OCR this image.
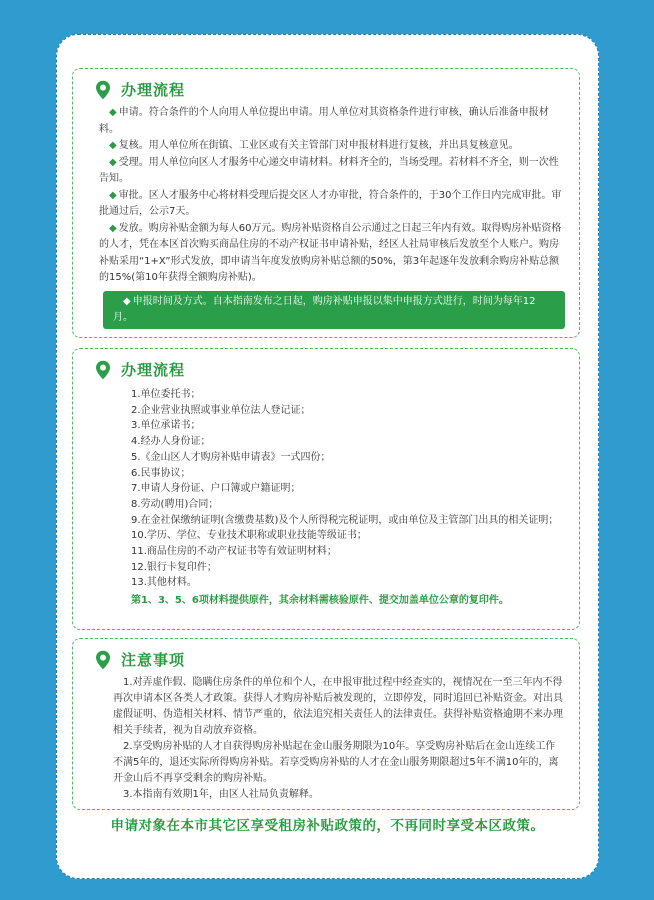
办理流程

◆ 申请。符合条件的个人向用人单位提出申请。用人单位对其资格条件进行审核，确认后准备申报材料。

◆ 复核。用人单位所在街镇、工业区或有关主管部门对申报材料进行复核，并出具复核意见。

◆ 受理。用人单位向区人才服务中心递交申请材料。材料齐全的，当场受理。若材料不齐全，则一次性告知。

◆ 审批。区人才服务中心将材料受理后提交区人才办审批，符合条件的，于30个工作日内完成审批。审批通过后，公示7天。

◆ 发放。购房补贴金额为每人60万元。购房补贴资格自公示通过之日起三年内有效。取得购房补贴资格的人才，凭在本区首次购买商品住房的不动产权证书申请补贴，经区人社局审核后发放至个人账户。购房补贴采用“1+X”形式发放，即申请当年度发放购房补贴总额的50%，第3年起逐年发放剩余购房补贴总额的15%(第10年获得全额购房补贴)。

◆ 申报时间及方式。自本指南发布之日起，购房补贴申报以集中申报方式进行，时间为每年12月。
办理流程

1.单位委托书；

2.企业营业执照或事业单位法人登记证；

3.单位承诺书；

4.经办人身份证；

5.《金山区人才购房补贴申请表》一式四份；

6.民事协议；

7.申请人身份证、户口簿或户籍证明；

8.劳动(聘用)合同；

9.在金社保缴纳证明(含缴费基数)及个人所得税完税证明，或由单位及主管部门出具的相关证明；

10.学历、学位、专业技术职称或职业技能等级证书；

11.商品住房的不动产权证书等有效证明材料；

12.银行卡复印件；

13.其他材料。

第1、3、5、6项材料提供原件，其余材料需核验原件、提交加盖单位公章的复印件。

注意事项

1.对弄虚作假、隐瞒住房条件的单位和个人，在申报审批过程中经查实的，视情况在一至三年内不得再次申请本区各类人才政策。获得人才购房补贴后被发现的，立即停发，同时追回已补贴资金。对出具虚假证明、伪造相关材料、情节严重的，依法追究相关责任人的法律责任。获得补贴资格逾期不来办理相关手续者，视为自动放弃资格。

2.享受购房补贴的人才自获得购房补贴起在金山服务期限为10年。享受购房补贴后在金山连续工作不满5年的，退还实际所得购房补贴。若享受购房补贴的人才在金山服务期限超过5年不满10年的，离开金山后不再享受剩余的购房补贴。

3.本指南有效期1年，由区人社局负责解释。

申请对象在本市其它区享受租房补贴政策的，不再同时享受本区政策。
